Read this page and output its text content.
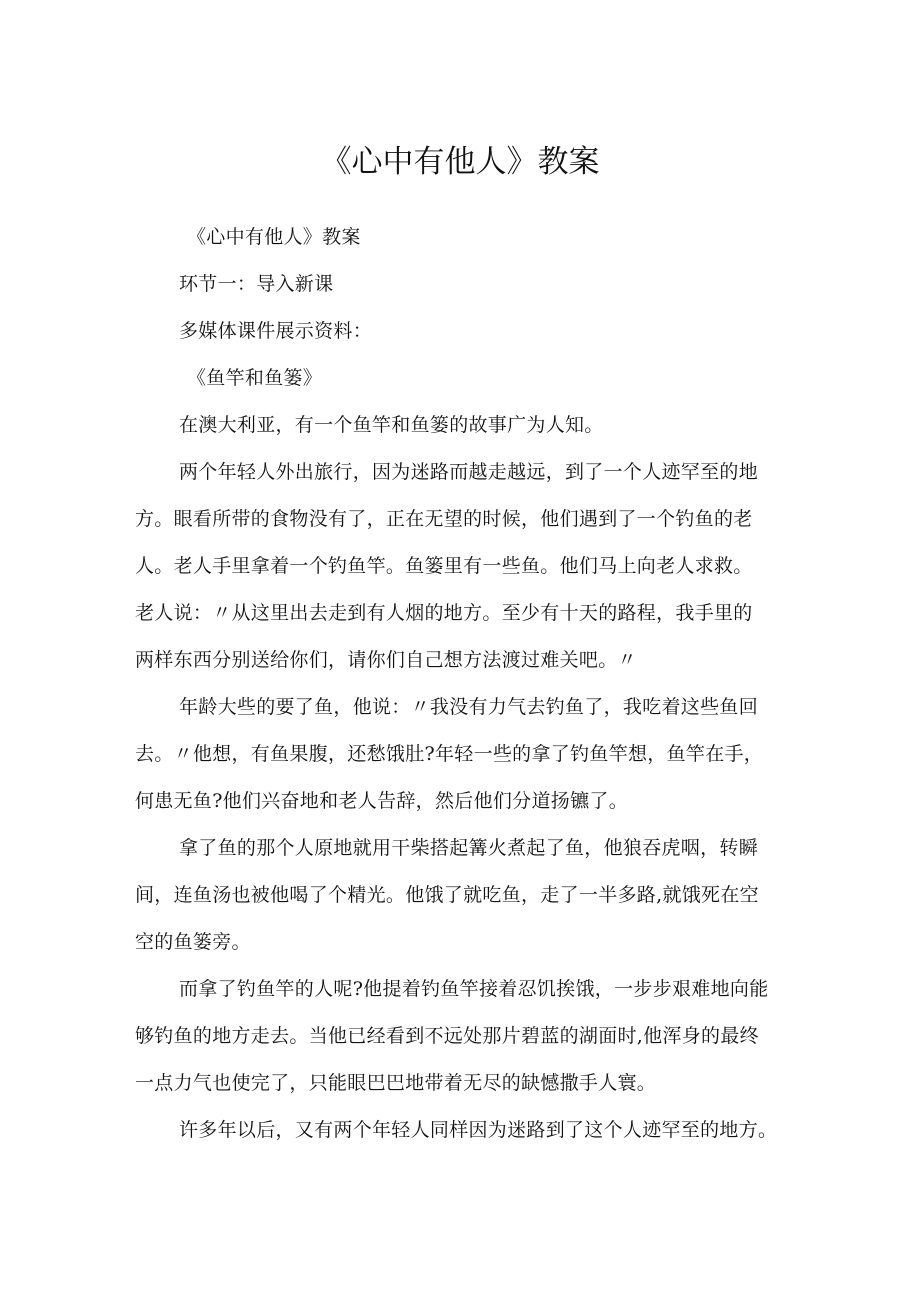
《心中有他人》教案

《心中有他人》教案

环节一：导入新课

多媒体课件展示资料：

《鱼竿和鱼篓》

在澳大利亚，有一个鱼竿和鱼篓的故事广为人知。

两个年轻人外出旅行，因为迷路而越走越远，到了一个人迹罕至的地

方。眼看所带的食物没有了，正在无望的时候，他们遇到了一个钓鱼的老

人。老人手里拿着一个钓鱼竿。鱼篓里有一些鱼。他们马上向老人求救。

老人说：〃从这里出去走到有人烟的地方。至少有十天的路程，我手里的

两样东西分别送给你们，请你们自己想方法渡过难关吧。〃

年龄大些的要了鱼，他说：〃我没有力气去钓鱼了，我吃着这些鱼回

去。〃他想，有鱼果腹，还愁饿肚?年轻一些的拿了钓鱼竿想，鱼竿在手，

何患无鱼?他们兴奋地和老人告辞，然后他们分道扬镳了。

拿了鱼的那个人原地就用干柴搭起篝火煮起了鱼，他狼吞虎咽，转瞬

间，连鱼汤也被他喝了个精光。他饿了就吃鱼，走了一半多路,就饿死在空

空的鱼篓旁。

而拿了钓鱼竿的人呢?他提着钓鱼竿接着忍饥挨饿，一步步艰难地向能

够钓鱼的地方走去。当他已经看到不远处那片碧蓝的湖面时,他浑身的最终

一点力气也使完了，只能眼巴巴地带着无尽的缺憾撒手人寰。

许多年以后，又有两个年轻人同样因为迷路到了这个人迹罕至的地方。
